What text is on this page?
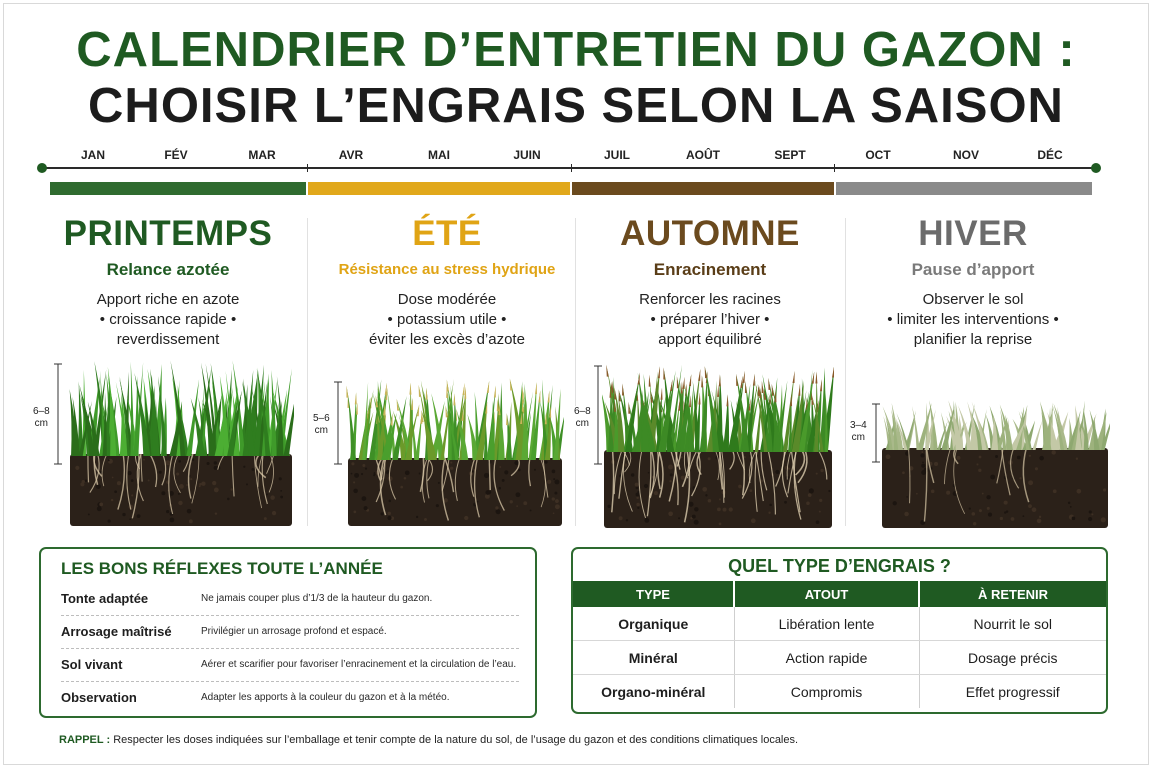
CALENDRIER D’ENTRETIEN DU GAZON :
CHOISIR L’ENGRAIS SELON LA SAISON
JAN	FÉV	MAR	AVR	MAI	JUIN	JUIL	AOÛT	SEPT	OCT	NOV	DÉC
PRINTEMPS
Relance azotée
Apport riche en azote
• croissance rapide •
reverdissement
ÉTÉ
Résistance au stress hydrique
Dose modérée
• potassium utile •
éviter les excès d’azote
AUTOMNE
Enracinement
Renforcer les racines
• préparer l’hiver •
apport équilibré
HIVER
Pause d’apport
Observer le sol
• limiter les interventions •
planifier la reprise
6–8
cm	5–6
cm
6–8
cm	3–4
cm
LES BONS RÉFLEXES TOUTE L’ANNÉE
Tonte adaptée	Ne jamais couper plus d’1/3 de la hauteur du gazon.
Arrosage maîtrisé	Privilégier un arrosage profond et espacé.
Sol vivant	Aérer et scarifier pour favoriser l’enracinement et la circulation de l’eau.
Observation	Adapter les apports à la couleur du gazon et à la météo.
QUEL TYPE D’ENGRAIS ?
TYPE	ATOUT	À RETENIR
Organique	Libération lente	Nourrit le sol
Minéral	Action rapide	Dosage précis
Organo-minéral	Compromis	Effet progressif
RAPPEL : Respecter les doses indiquées sur l’emballage et tenir compte de la nature du sol, de l’usage du gazon et des conditions climatiques locales.
